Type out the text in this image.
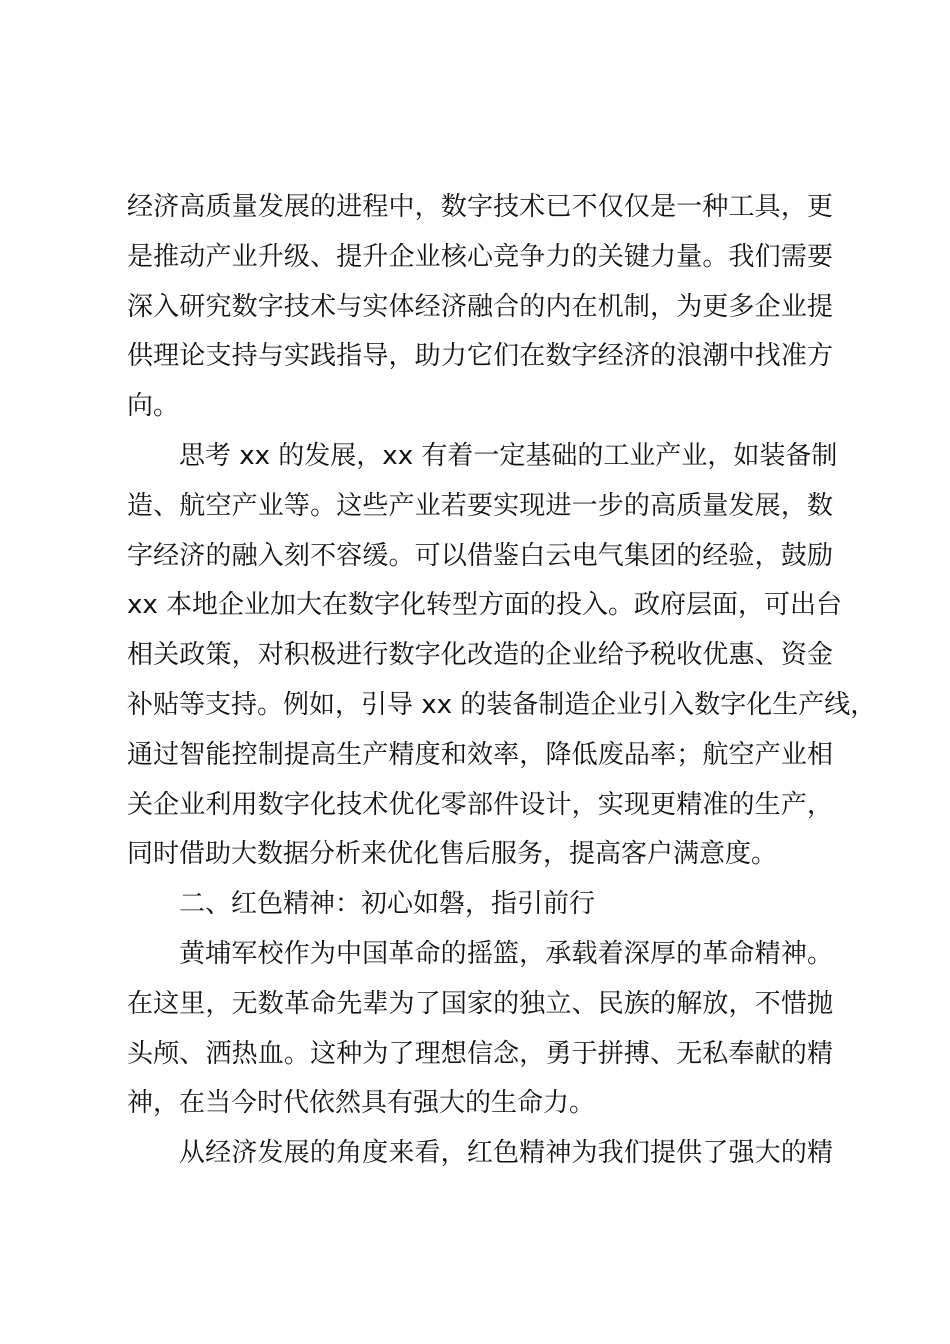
经济高质量发展的进程中，数字技术已不仅仅是一种工具，更
是推动产业升级、提升企业核心竞争力的关键力量。我们需要
深入研究数字技术与实体经济融合的内在机制，为更多企业提
供理论支持与实践指导，助力它们在数字经济的浪潮中找准方
向。
思考 xx 的发展，xx 有着一定基础的工业产业，如装备制
造、航空产业等。这些产业若要实现进一步的高质量发展，数
字经济的融入刻不容缓。可以借鉴白云电气集团的经验，鼓励
xx 本地企业加大在数字化转型方面的投入。政府层面，可出台
相关政策，对积极进行数字化改造的企业给予税收优惠、资金
补贴等支持。例如，引导 xx 的装备制造企业引入数字化生产线，
通过智能控制提高生产精度和效率，降低废品率；航空产业相
关企业利用数字化技术优化零部件设计，实现更精准的生产，
同时借助大数据分析来优化售后服务，提高客户满意度。
二、红色精神：初心如磐，指引前行
黄埔军校作为中国革命的摇篮，承载着深厚的革命精神。
在这里，无数革命先辈为了国家的独立、民族的解放，不惜抛
头颅、洒热血。这种为了理想信念，勇于拼搏、无私奉献的精
神，在当今时代依然具有强大的生命力。
从经济发展的角度来看，红色精神为我们提供了强大的精
